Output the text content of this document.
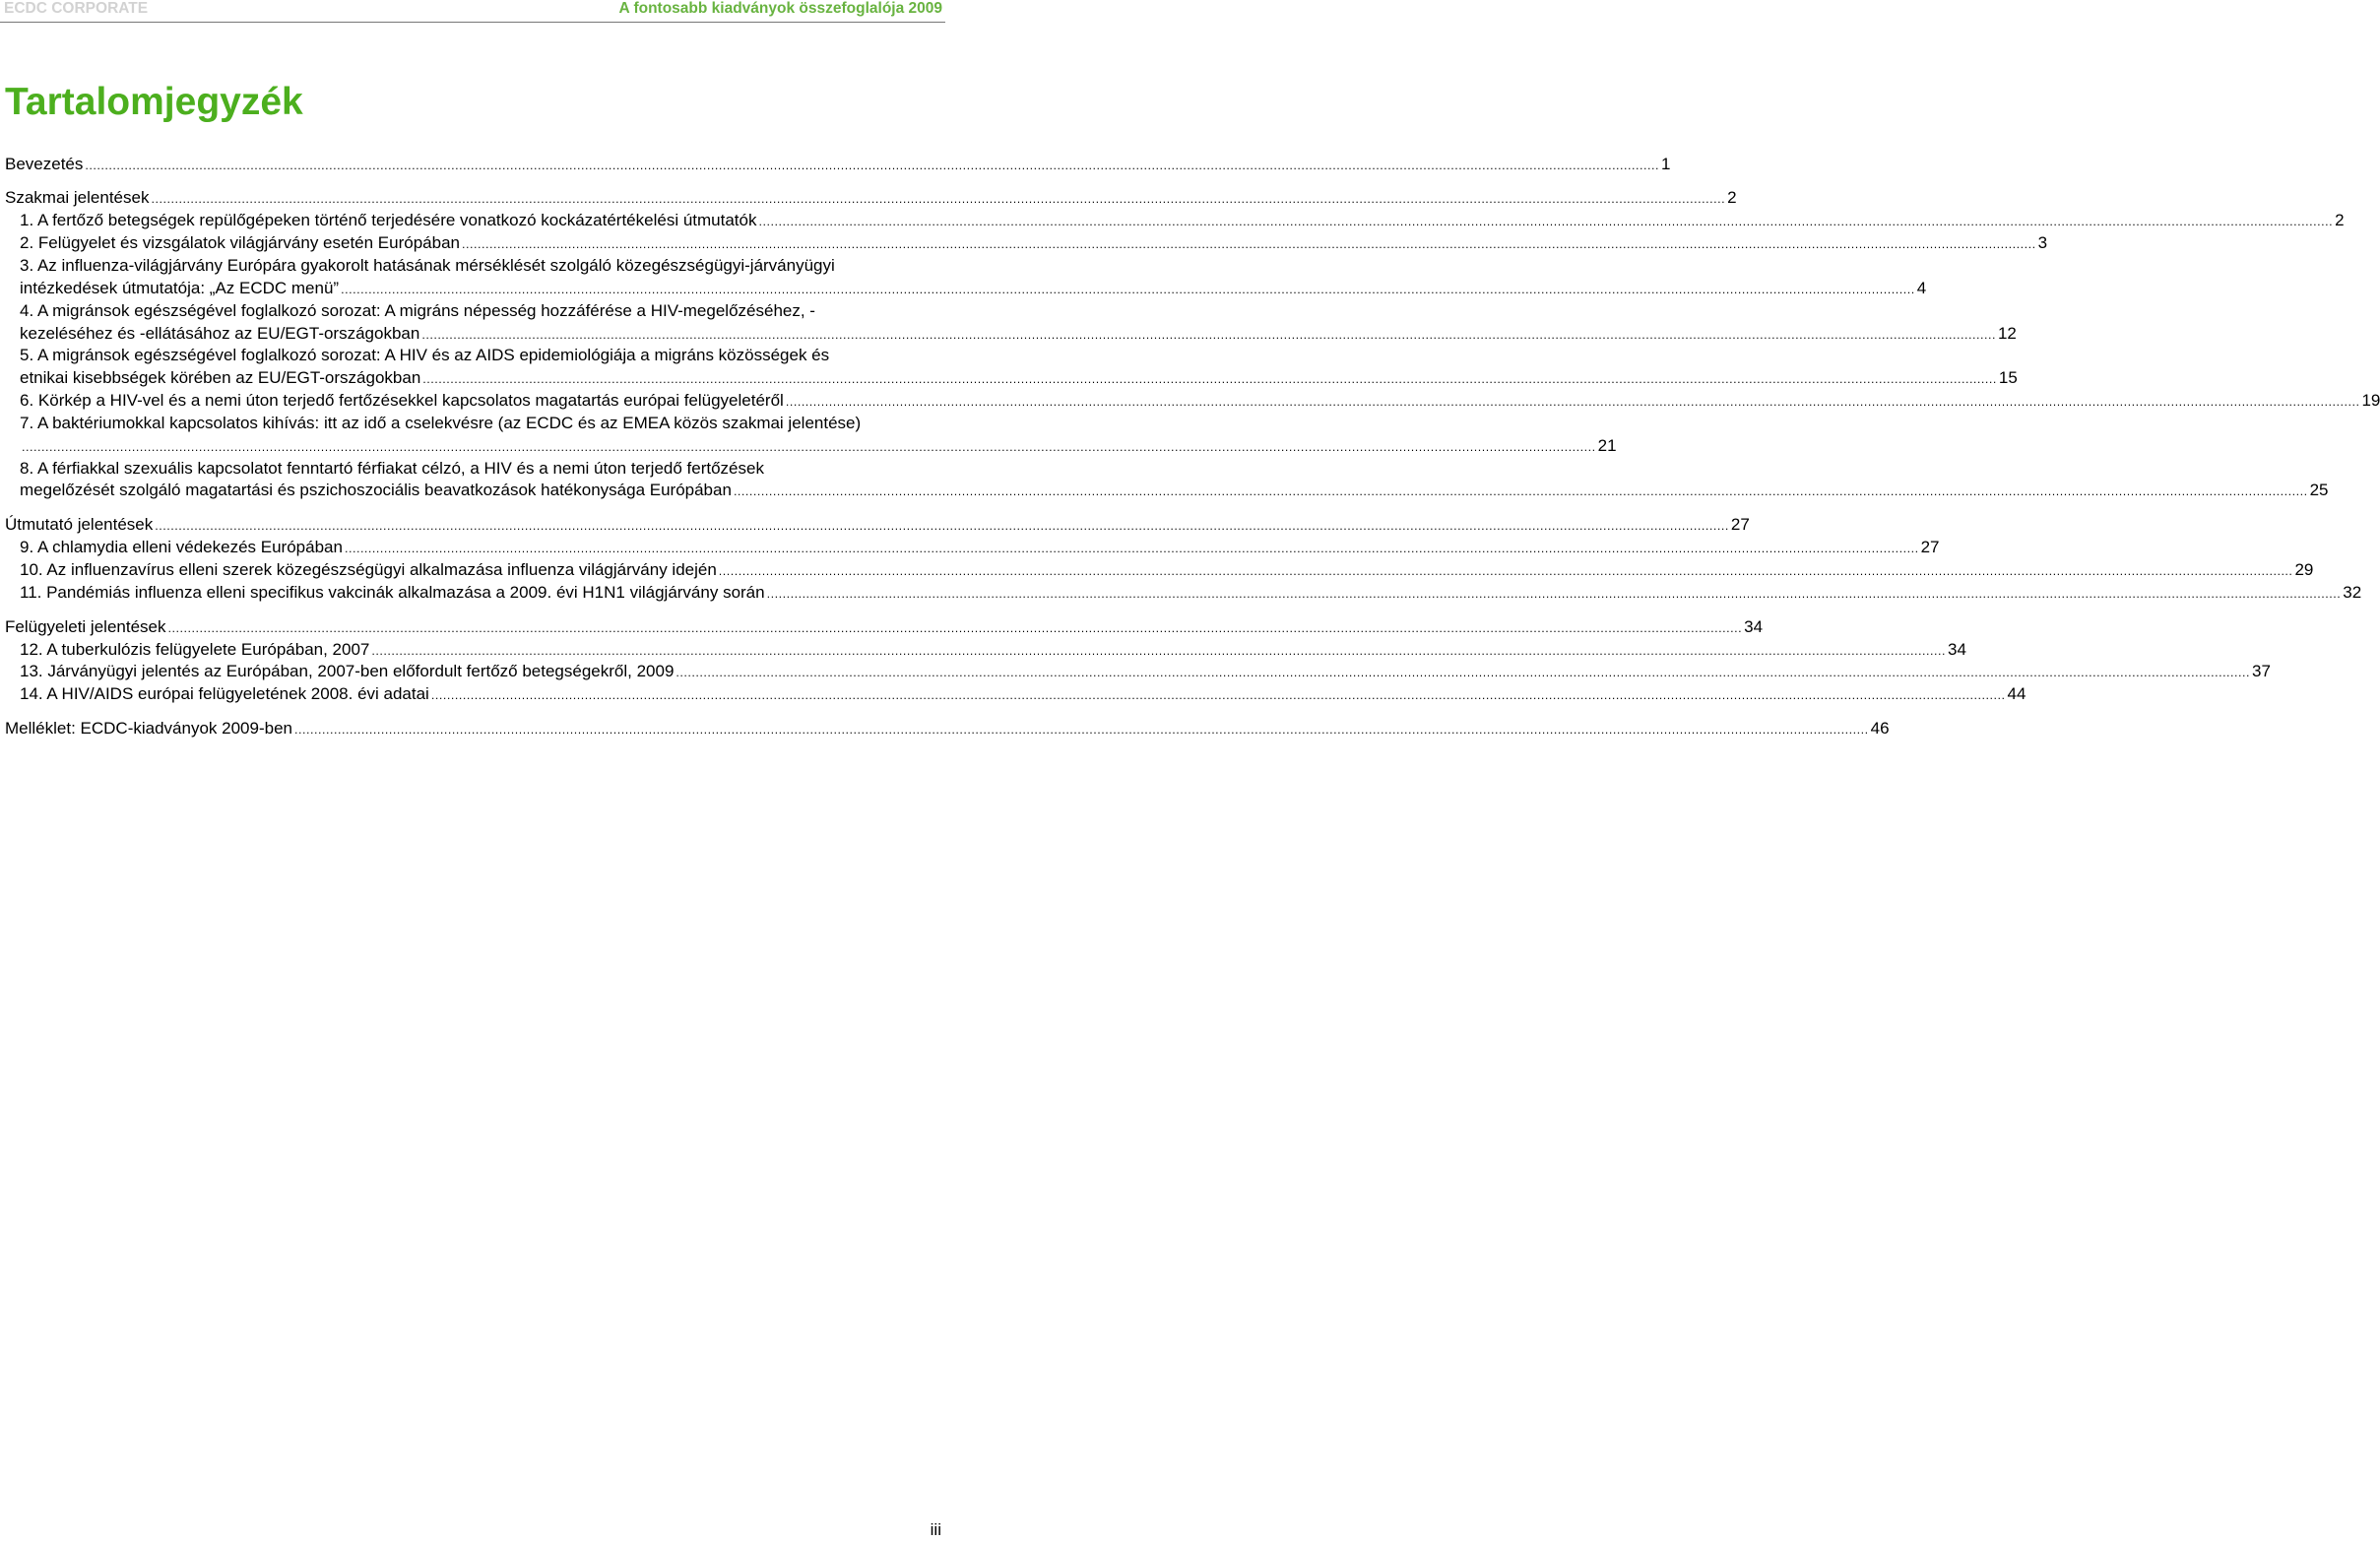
ECDC CORPORATE	A fontosabb kiadványok összefoglalója 2009
Tartalomjegyzék
Bevezetés ................................................................................................................................................................................................................................................................................................................................................................................................................ 1
Szakmai jelentések ................................................................................................................................................................................................................................................................................................................................................................................................................ 2
1. A fertőző betegségek repülőgépeken történő terjedésére vonatkozó kockázatértékelési útmutatók ................................................................................................................................................................................................................................................................................................................................................................................................................ 2
2. Felügyelet és vizsgálatok világjárvány esetén Európában ................................................................................................................................................................................................................................................................................................................................................................................................................ 3
3. Az influenza-világjárvány Európára gyakorolt hatásának mérséklését szolgáló közegészségügyi-járványügyi
intézkedések útmutatója: „Az ECDC menü” ................................................................................................................................................................................................................................................................................................................................................................................................................ 4
4. A migránsok egészségével foglalkozó sorozat: A migráns népesség hozzáférése a HIV-megelőzéséhez, -
kezeléséhez és -ellátásához az EU/EGT-országokban ................................................................................................................................................................................................................................................................................................................................................................................................................ 12
5. A migránsok egészségével foglalkozó sorozat: A HIV és az AIDS epidemiológiája a migráns közösségek és
etnikai kisebbségek körében az EU/EGT-országokban ................................................................................................................................................................................................................................................................................................................................................................................................................ 15
6. Körkép a HIV-vel és a nemi úton terjedő fertőzésekkel kapcsolatos magatartás európai felügyeletéről ................................................................................................................................................................................................................................................................................................................................................................................................................ 19
7. A baktériumokkal kapcsolatos kihívás: itt az idő a cselekvésre (az ECDC és az EMEA közös szakmai jelentése)
................................................................................................................................................................................................................................................................................................................................................................................................................ 21
8. A férfiakkal szexuális kapcsolatot fenntartó férfiakat célzó, a HIV és a nemi úton terjedő fertőzések
megelőzését szolgáló magatartási és pszichoszociális beavatkozások hatékonysága Európában ................................................................................................................................................................................................................................................................................................................................................................................................................ 25
Útmutató jelentések ................................................................................................................................................................................................................................................................................................................................................................................................................ 27
9. A chlamydia elleni védekezés Európában ................................................................................................................................................................................................................................................................................................................................................................................................................ 27
10. Az influenzavírus elleni szerek közegészségügyi alkalmazása influenza világjárvány idején ................................................................................................................................................................................................................................................................................................................................................................................................................ 29
11. Pandémiás influenza elleni specifikus vakcinák alkalmazása a 2009. évi H1N1 világjárvány során ................................................................................................................................................................................................................................................................................................................................................................................................................ 32
Felügyeleti jelentések ................................................................................................................................................................................................................................................................................................................................................................................................................ 34
12. A tuberkulózis felügyelete Európában, 2007 ................................................................................................................................................................................................................................................................................................................................................................................................................ 34
13. Járványügyi jelentés az Európában, 2007-ben előfordult fertőző betegségekről, 2009 ................................................................................................................................................................................................................................................................................................................................................................................................................ 37
14. A HIV/AIDS európai felügyeletének 2008. évi adatai ................................................................................................................................................................................................................................................................................................................................................................................................................ 44
Melléklet: ECDC-kiadványok 2009-ben ................................................................................................................................................................................................................................................................................................................................................................................................................ 46
iii
